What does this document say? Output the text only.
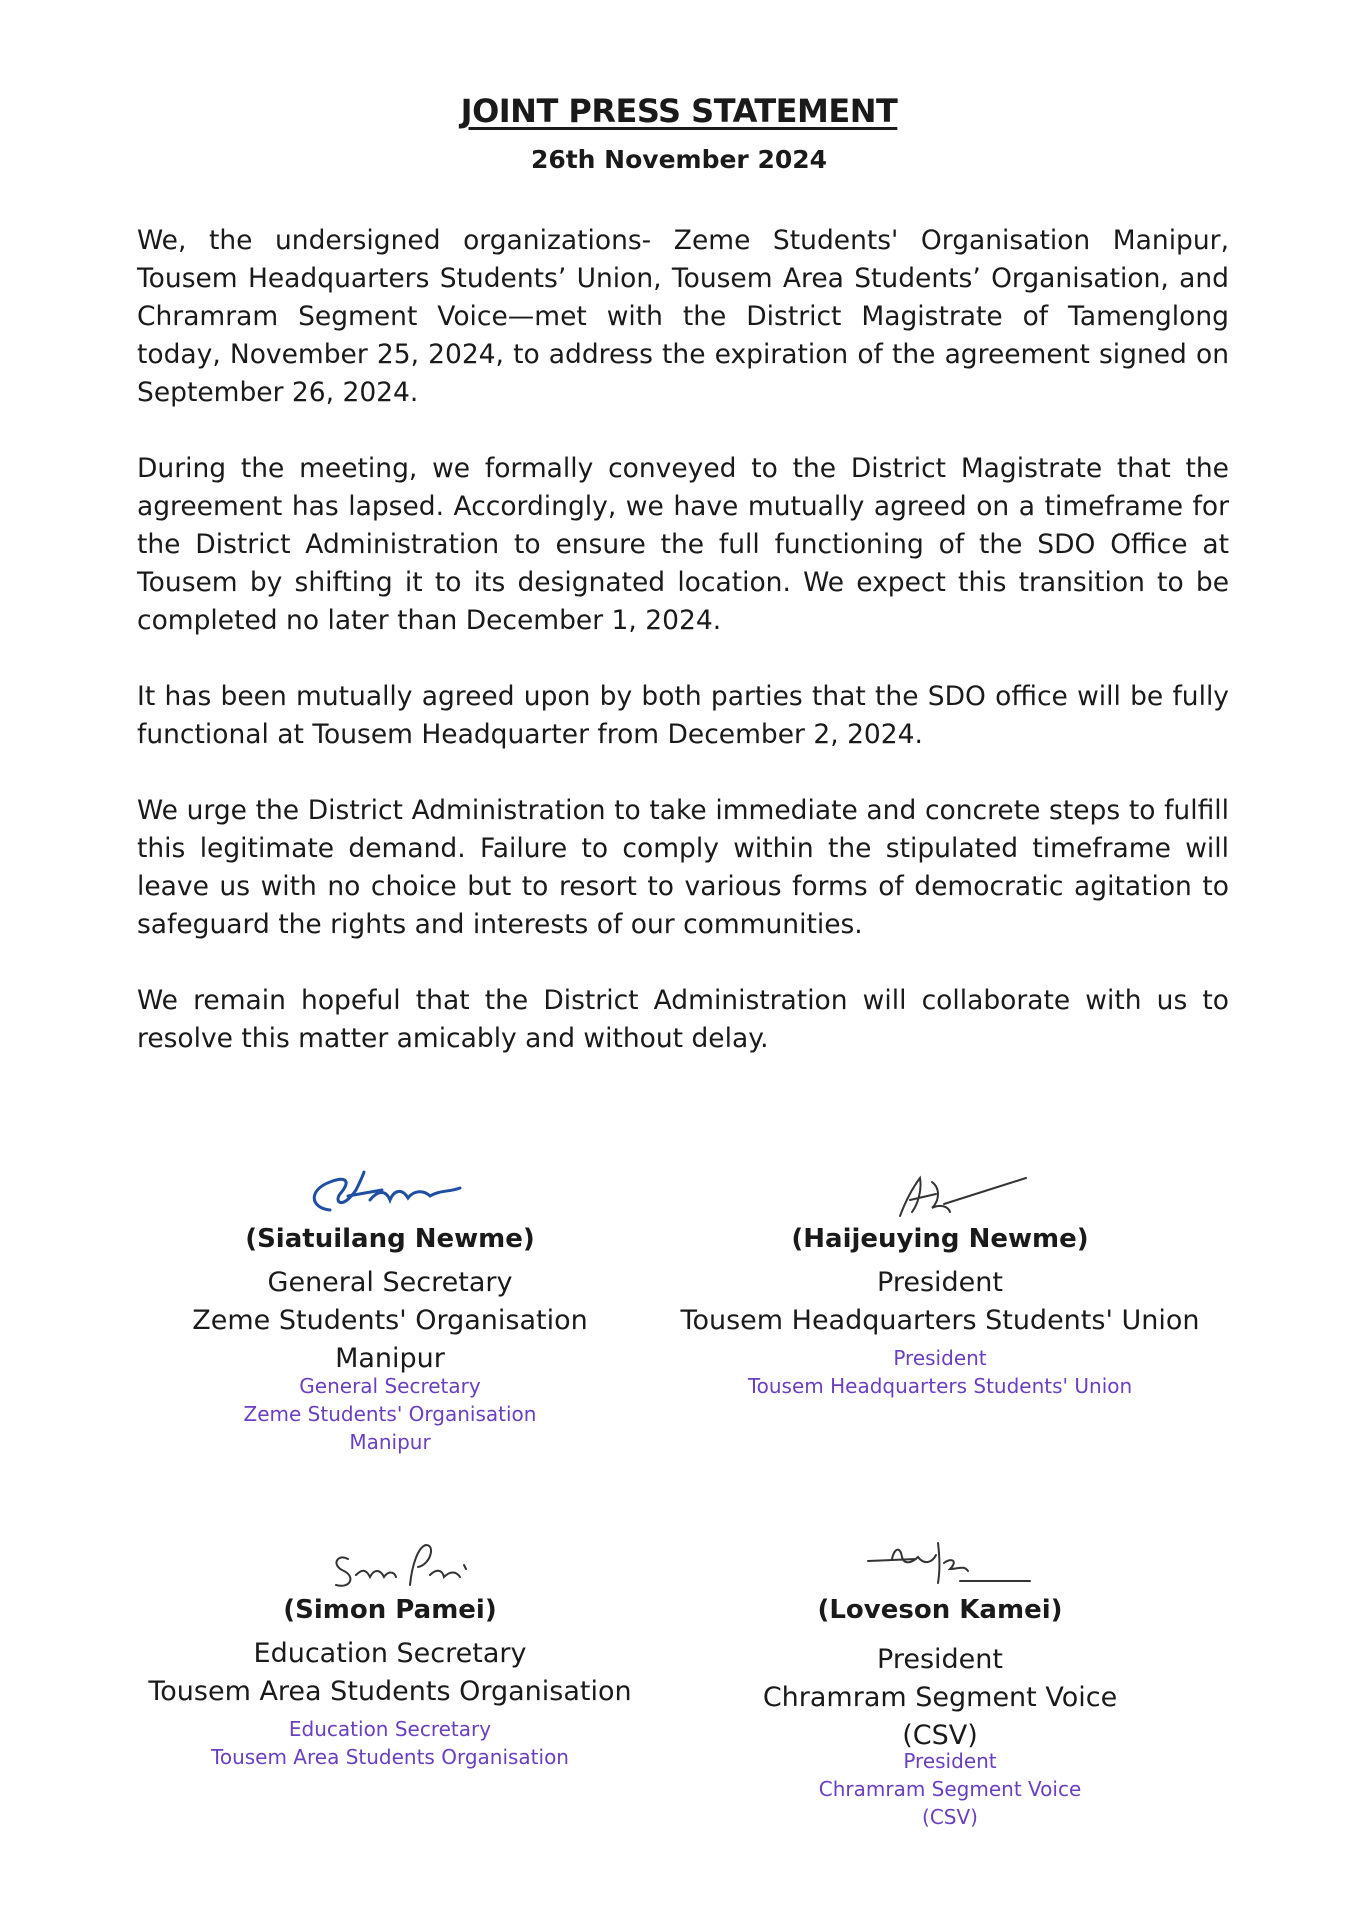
JOINT PRESS STATEMENT
26th November 2024

We, the undersigned organizations- Zeme Students' Organisation Manipur, Tousem Headquarters Students’ Union, Tousem Area Students’ Organisation, and Chramram Segment Voice—met with the District Magistrate of Tamenglong today, November 25, 2024, to address the expiration of the agreement signed on September 26, 2024.

During the meeting, we formally conveyed to the District Magistrate that the agreement has lapsed. Accordingly, we have mutually agreed on a timeframe for the District Administration to ensure the full functioning of the SDO Office at Tousem by shifting it to its designated location. We expect this transition to be completed no later than December 1, 2024.

It has been mutually agreed upon by both parties that the SDO office will be fully functional at Tousem Headquarter from December 2, 2024.

We urge the District Administration to take immediate and concrete steps to fulfill this legitimate demand. Failure to comply within the stipulated timeframe will leave us with no choice but to resort to various forms of democratic agitation to safeguard the rights and interests of our communities.

We remain hopeful that the District Administration will collaborate with us to resolve this matter amicably and without delay.

(Siatuilang Newme)
General Secretary
Zeme Students' Organisation
Manipur
General Secretary
Zeme Students' Organisation
Manipur
(Haijeuying Newme)
President
Tousem Headquarters Students' Union
President
Tousem Headquarters Students' Union
(Simon Pamei)
Education Secretary
Tousem Area Students Organisation
Education Secretary
Tousem Area Students Organisation
(Loveson Kamei)
President
Chramram Segment Voice
(CSV)
President
Chramram Segment Voice
(CSV)
